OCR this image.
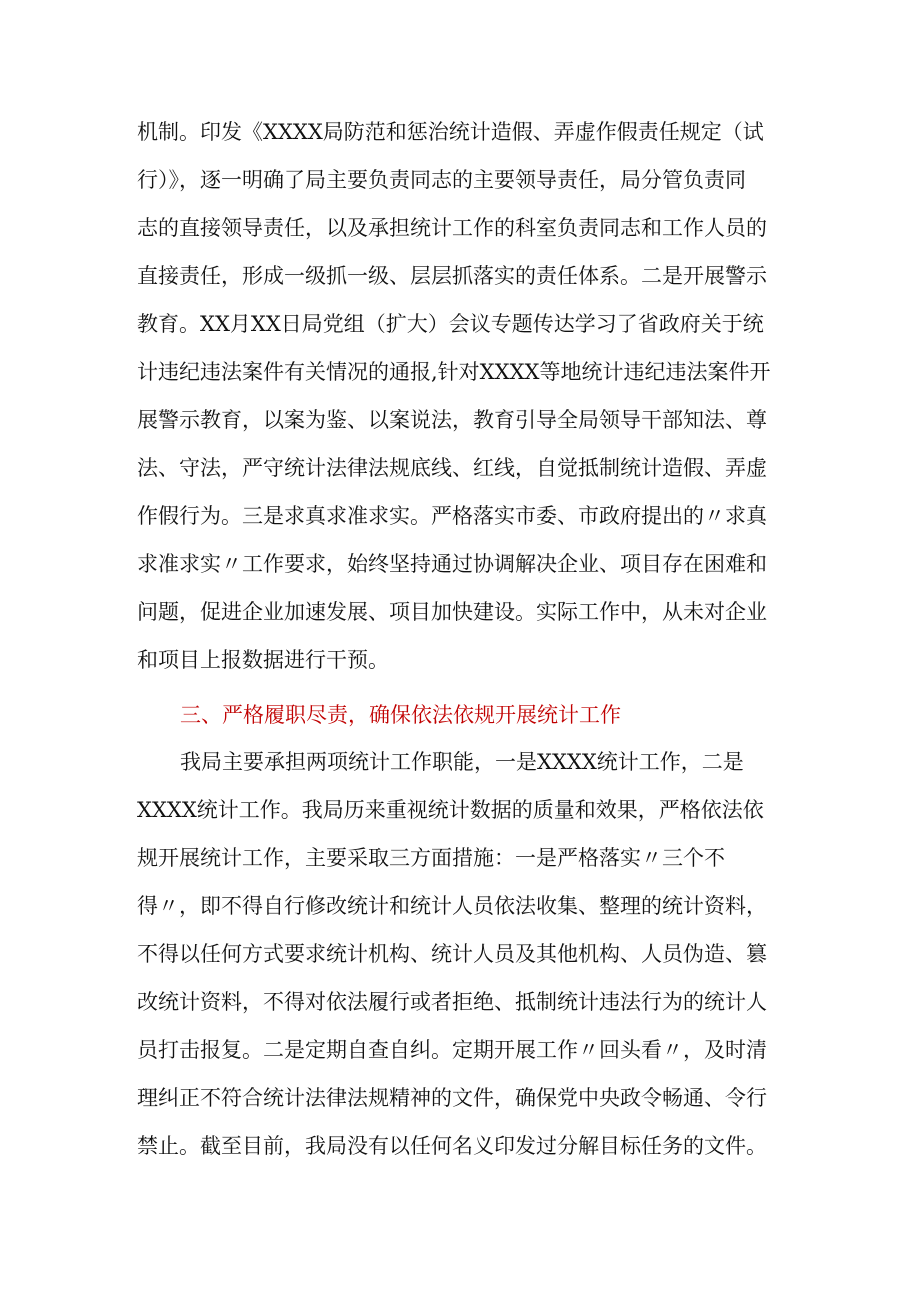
机制。印发《XXXX局防范和惩治统计造假、弄虚作假责任规定（试
行）》，逐一明确了局主要负责同志的主要领导责任，局分管负责同
志的直接领导责任，以及承担统计工作的科室负责同志和工作人员的
直接责任，形成一级抓一级、层层抓落实的责任体系。二是开展警示
教育。XX月XX日局党组（扩大）会议专题传达学习了省政府关于统
计违纪违法案件有关情况的通报,针对XXXX等地统计违纪违法案件开
展警示教育，以案为鉴、以案说法，教育引导全局领导干部知法、尊
法、守法，严守统计法律法规底线、红线，自觉抵制统计造假、弄虚
作假行为。三是求真求准求实。严格落实市委、市政府提出的〃求真
求准求实〃工作要求，始终坚持通过协调解决企业、项目存在困难和
问题，促进企业加速发展、项目加快建设。实际工作中，从未对企业
和项目上报数据进行干预。
三、严格履职尽责，确保依法依规开展统计工作
我局主要承担两项统计工作职能，一是XXXX统计工作，二是
XXXX统计工作。我局历来重视统计数据的质量和效果，严格依法依
规开展统计工作，主要采取三方面措施：一是严格落实〃三个不
得〃，即不得自行修改统计和统计人员依法收集、整理的统计资料，
不得以任何方式要求统计机构、统计人员及其他机构、人员伪造、篡
改统计资料，不得对依法履行或者拒绝、抵制统计违法行为的统计人
员打击报复。二是定期自查自纠。定期开展工作〃回头看〃，及时清
理纠正不符合统计法律法规精神的文件，确保党中央政令畅通、令行
禁止。截至目前，我局没有以任何名义印发过分解目标任务的文件。
